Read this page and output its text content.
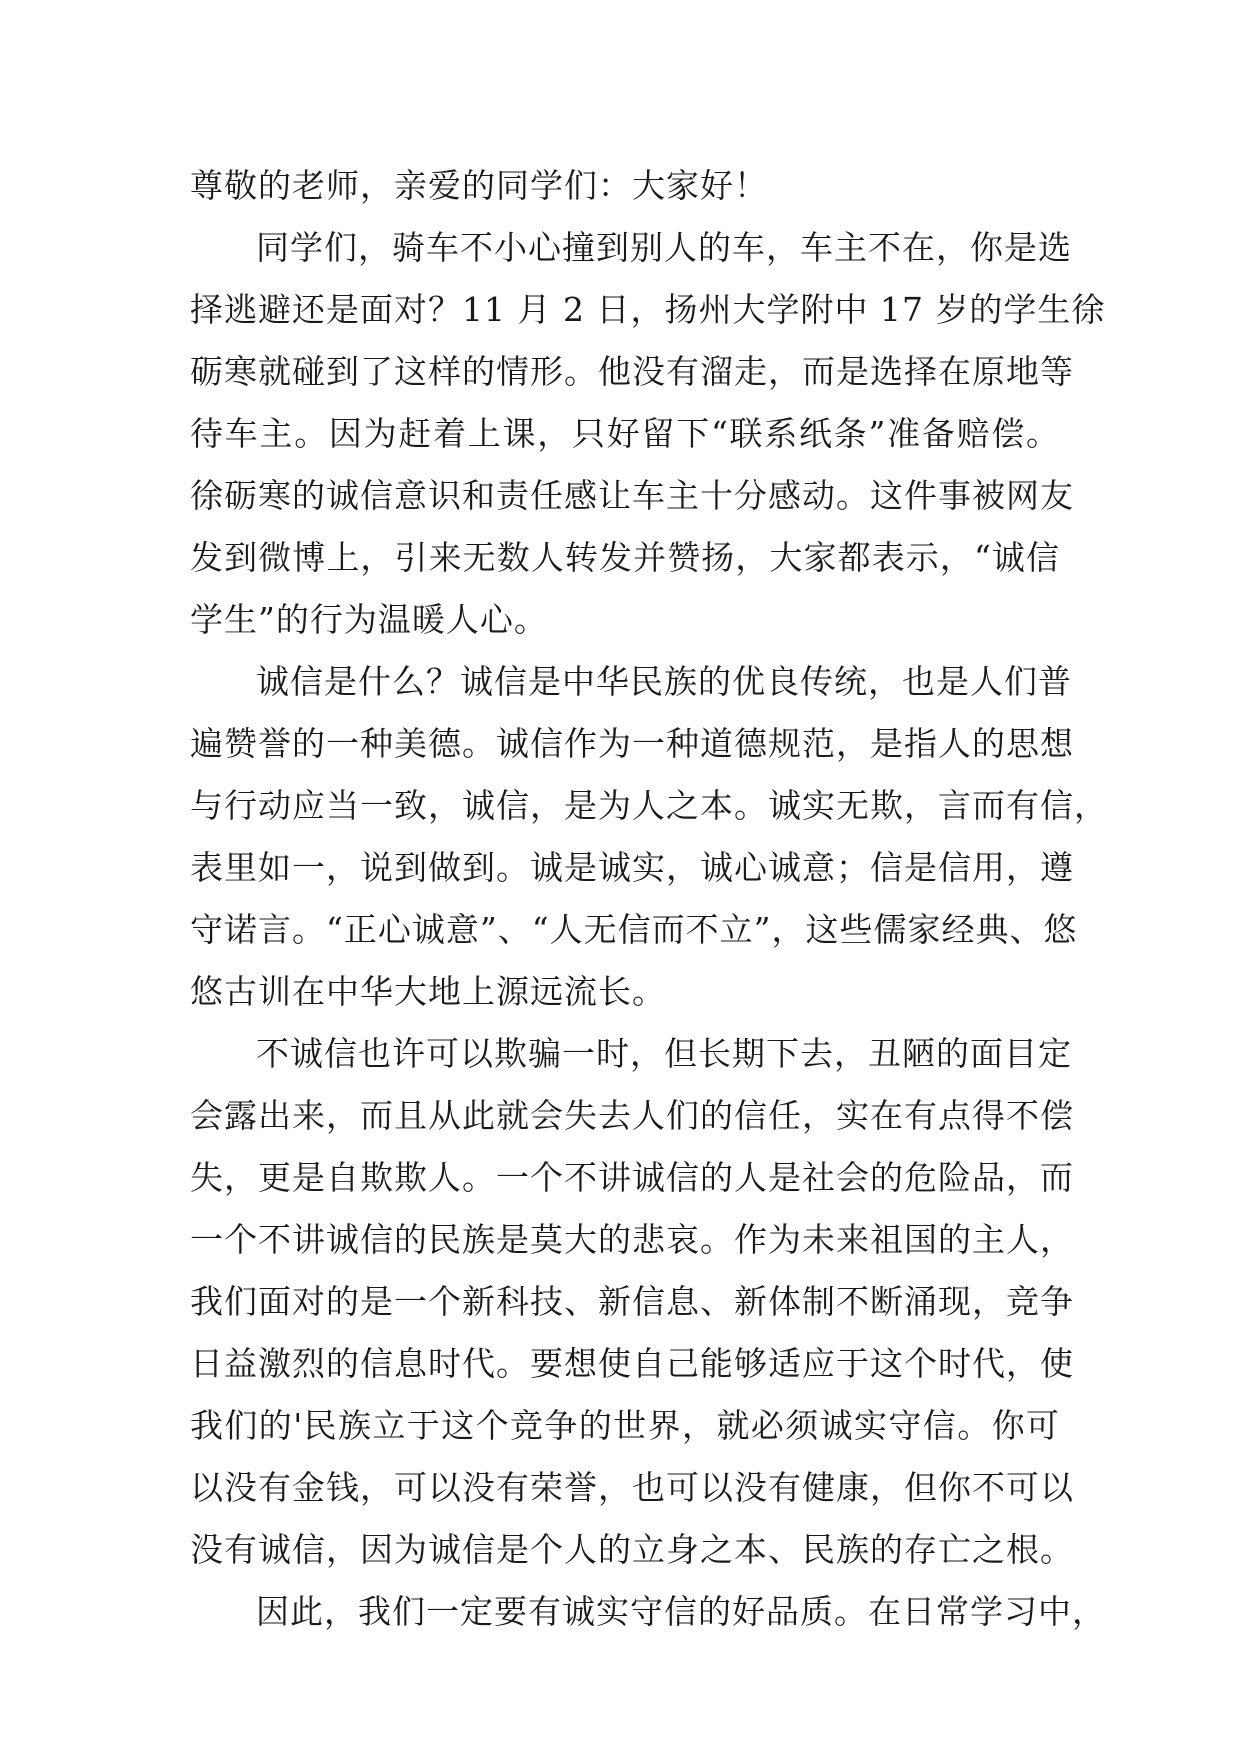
尊敬的老师，亲爱的同学们：大家好！
同学们，骑车不小心撞到别人的车，车主不在，你是选
择逃避还是面对？11 月 2 日，扬州大学附中 17 岁的学生徐
砺寒就碰到了这样的情形。他没有溜走，而是选择在原地等
待车主。因为赶着上课，只好留下“联系纸条”准备赔偿。
徐砺寒的诚信意识和责任感让车主十分感动。这件事被网友
发到微博上，引来无数人转发并赞扬，大家都表示，“诚信
学生”的行为温暖人心。
诚信是什么？诚信是中华民族的优良传统，也是人们普
遍赞誉的一种美德。诚信作为一种道德规范，是指人的思想
与行动应当一致，诚信，是为人之本。诚实无欺，言而有信，
表里如一，说到做到。诚是诚实，诚心诚意；信是信用，遵
守诺言。“正心诚意”、“人无信而不立”，这些儒家经典、悠
悠古训在中华大地上源远流长。
不诚信也许可以欺骗一时，但长期下去，丑陋的面目定
会露出来，而且从此就会失去人们的信任，实在有点得不偿
失，更是自欺欺人。一个不讲诚信的人是社会的危险品，而
一个不讲诚信的民族是莫大的悲哀。作为未来祖国的主人，
我们面对的是一个新科技、新信息、新体制不断涌现，竞争
日益激烈的信息时代。要想使自己能够适应于这个时代，使
我们的'民族立于这个竞争的世界，就必须诚实守信。你可
以没有金钱，可以没有荣誉，也可以没有健康，但你不可以
没有诚信，因为诚信是个人的立身之本、民族的存亡之根。
因此，我们一定要有诚实守信的好品质。在日常学习中，
